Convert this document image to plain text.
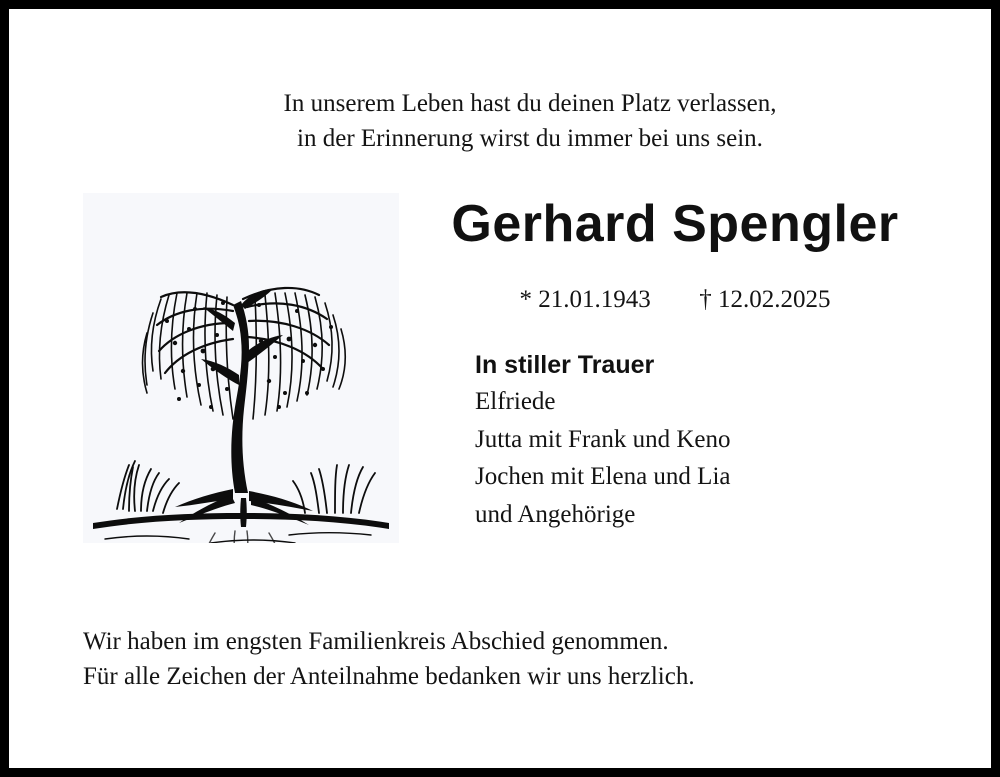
In unserem Leben hast du deinen Platz verlassen,
in der Erinnerung wirst du immer bei uns sein.
Gerhard Spengler
* 21.01.1943 † 12.02.2025
In stiller Trauer
Elfriede
Jutta mit Frank und Keno
Jochen mit Elena und Lia
und Angehörige
Wir haben im engsten Familienkreis Abschied genommen.
Für alle Zeichen der Anteilnahme bedanken wir uns herzlich.
